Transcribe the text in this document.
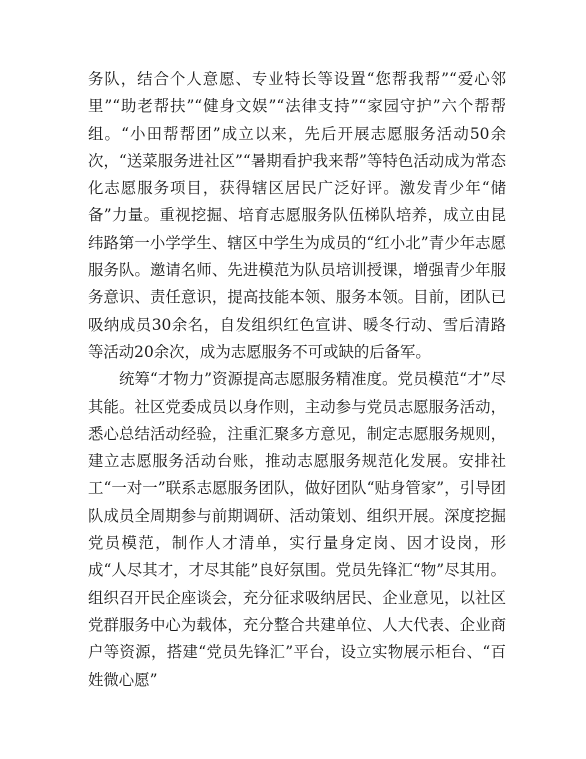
务队，结合个人意愿、专业特长等设置“您帮我帮”“爱心邻里”“助老帮扶”“健身文娱”“法律支持”“家园守护”六个帮帮组。“小田帮帮团”成立以来，先后开展志愿服务活动50余次，“送菜服务进社区”“暑期看护我来帮”等特色活动成为常态化志愿服务项目，获得辖区居民广泛好评。激发青少年“储备”力量。重视挖掘、培育志愿服务队伍梯队培养，成立由昆纬路第一小学学生、辖区中学生为成员的“红小北”青少年志愿服务队。邀请名师、先进模范为队员培训授课，增强青少年服务意识、责任意识，提高技能本领、服务本领。目前，团队已吸纳成员30余名，自发组织红色宣讲、暖冬行动、雪后清路等活动20余次，成为志愿服务不可或缺的后备军。

统筹“才物力”资源提高志愿服务精准度。党员模范“才”尽其能。社区党委成员以身作则，主动参与党员志愿服务活动，悉心总结活动经验，注重汇聚多方意见，制定志愿服务规则，建立志愿服务活动台账，推动志愿服务规范化发展。安排社工“一对一”联系志愿服务团队，做好团队“贴身管家”，引导团队成员全周期参与前期调研、活动策划、组织开展。深度挖掘党员模范，制作人才清单，实行量身定岗、因才设岗，形成“人尽其才，才尽其能”良好氛围。党员先锋汇“物”尽其用。组织召开民企座谈会，充分征求吸纳居民、企业意见，以社区党群服务中心为载体，充分整合共建单位、人大代表、企业商户等资源，搭建“党员先锋汇”平台，设立实物展示柜台、“百姓微心愿”
